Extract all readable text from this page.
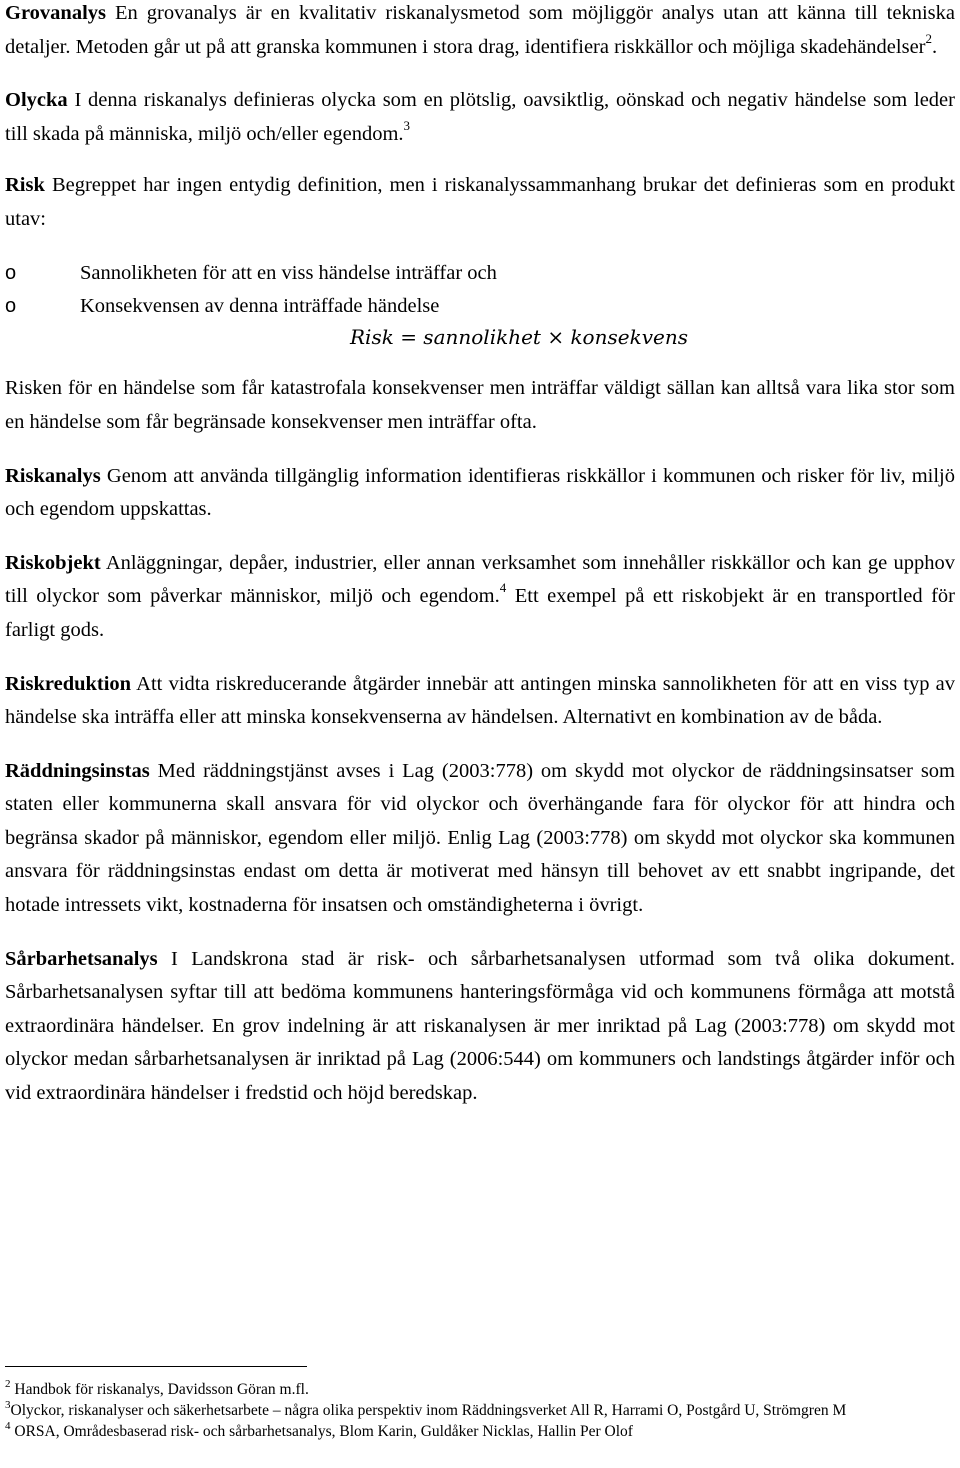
Grovanalys En grovanalys är en kvalitativ riskanalysmetod som möjliggör analys utan att känna till tekniska detaljer. Metoden går ut på att granska kommunen i stora drag, identifiera riskkällor och möjliga skadehändelser$^2$.

Olycka I denna riskanalys definieras olycka som en plötslig, oavsiktlig, oönskad och negativ händelse som leder till skada på människa, miljö och/eller egendom.$^3$

Risk Begreppet har ingen entydig definition, men i riskanalyssammanhang brukar det definieras som en produkt utav:

o	Sannolikheten för att en viss händelse inträffar och
o	Konsekvensen av denna inträffade händelse

Risk = sannolikhet × konsekvens

Risken för en händelse som får katastrofala konsekvenser men inträffar väldigt sällan kan alltså vara lika stor som en händelse som får begränsade konsekvenser men inträffar ofta.

Riskanalys Genom att använda tillgänglig information identifieras riskkällor i kommunen och risker för liv, miljö och egendom uppskattas.

Riskobjekt Anläggningar, depåer, industrier, eller annan verksamhet som innehåller riskkällor och kan ge upphov till olyckor som påverkar människor, miljö och egendom.$^4$ Ett exempel på ett riskobjekt är en transportled för farligt gods.

Riskreduktion Att vidta riskreducerande åtgärder innebär att antingen minska sannolikheten för att en viss typ av händelse ska inträffa eller att minska konsekvenserna av händelsen. Alternativt en kombination av de båda.

Räddningsinstas Med räddningstjänst avses i Lag (2003:778) om skydd mot olyckor de räddningsinsatser som staten eller kommunerna skall ansvara för vid olyckor och överhängande fara för olyckor för att hindra och begränsa skador på människor, egendom eller miljö. Enlig Lag (2003:778) om skydd mot olyckor ska kommunen ansvara för räddningsinstas endast om detta är motiverat med hänsyn till behovet av ett snabbt ingripande, det hotade intressets vikt, kostnaderna för insatsen och omständigheterna i övrigt.

Sårbarhetsanalys I Landskrona stad är risk- och sårbarhetsanalysen utformad som två olika dokument. Sårbarhetsanalysen syftar till att bedöma kommunens hanteringsförmåga vid och kommunens förmåga att motstå extraordinära händelser. En grov indelning är att riskanalysen är mer inriktad på Lag (2003:778) om skydd mot olyckor medan sårbarhetsanalysen är inriktad på Lag (2006:544) om kommuners och landstings åtgärder inför och vid extraordinära händelser i fredstid och höjd beredskap.

$^2$ Handbok för riskanalys, Davidsson Göran m.fl.

$^3$Olyckor, riskanalyser och säkerhetsarbete – några olika perspektiv inom Räddningsverket All R, Harrami O, Postgård U, Strömgren M

$^4$ ORSA, Områdesbaserad risk- och sårbarhetsanalys, Blom Karin, Guldåker Nicklas, Hallin Per Olof
